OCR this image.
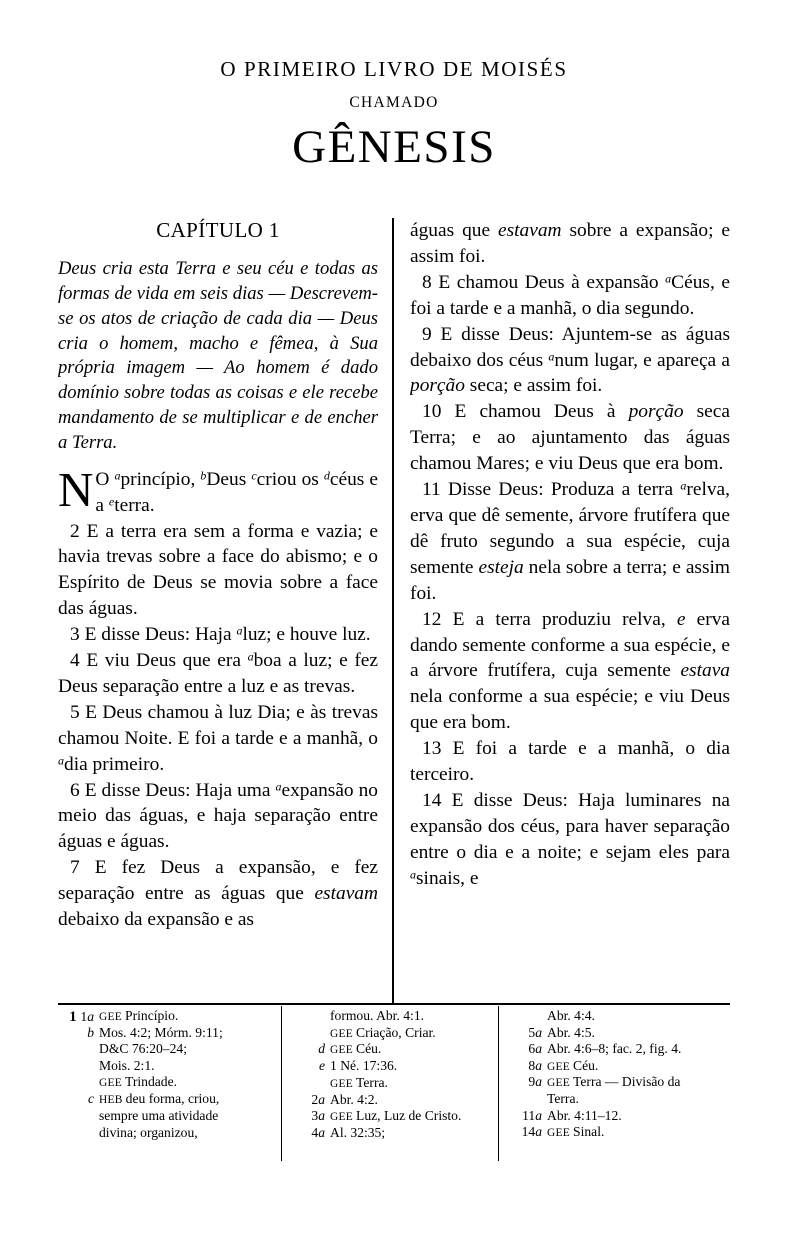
O PRIMEIRO LIVRO DE MOISÉS
CHAMADO
GÊNESIS
CAPÍTULO 1
Deus cria esta Terra e seu céu e todas as formas de vida em seis dias — Descrevem-se os atos de criação de cada dia — Deus cria o homem, macho e fêmea, à Sua própria imagem — Ao homem é dado domínio sobre todas as coisas e ele recebe mandamento de se multiplicar e de encher a Terra.

N O $^a$princípio, $^b$Deus $^c$criou os $^d$céus e a $^e$terra.

2 E a terra era sem a forma e vazia; e havia trevas sobre a face do abismo; e o Espírito de Deus se movia sobre a face das águas.

3 E disse Deus: Haja $^a$luz; e houve luz.

4 E viu Deus que era $^a$boa a luz; e fez Deus separação entre a luz e as trevas.

5 E Deus chamou à luz Dia; e às trevas chamou Noite. E foi a tarde e a manhã, o $^a$dia primeiro.

6 E disse Deus: Haja uma $^a$expansão no meio das águas, e haja separação entre águas e águas.

7 E fez Deus a expansão, e fez separação entre as águas que estavam debaixo da expansão e as

águas que estavam sobre a expansão; e assim foi.

8 E chamou Deus à expansão $^a$Céus, e foi a tarde e a manhã, o dia segundo.

9 E disse Deus: Ajuntem-se as águas debaixo dos céus $^a$num lugar, e apareça a porção seca; e assim foi.

10 E chamou Deus à porção seca Terra; e ao ajuntamento das águas chamou Mares; e viu Deus que era bom.

11 Disse Deus: Produza a terra $^a$relva, erva que dê semente, árvore frutífera que dê fruto segundo a sua espécie, cuja semente esteja nela sobre a terra; e assim foi.

12 E a terra produziu relva, e erva dando semente conforme a sua espécie, e a árvore frutífera, cuja semente estava nela conforme a sua espécie; e viu Deus que era bom.

13 E foi a tarde e a manhã, o dia terceiro.

14 E disse Deus: Haja luminares na expansão dos céus, para haver separação entre o dia e a noite; e sejam eles para $^a$sinais, e

1 1a GEE Princípio.
b Mos. 4:2; Mórm. 9:11;
D&C 76:20–24;
Mois. 2:1.
GEE Trindade.
c HEB deu forma, criou,
sempre uma atividade
divina; organizou,
formou. Abr. 4:1.
GEE Criação, Criar.
d GEE Céu.
e 1 Né. 17:36.
GEE Terra.
2a Abr. 4:2.
3a GEE Luz, Luz de Cristo.
4a Al. 32:35;
Abr. 4:4.
5a Abr. 4:5.
6a Abr. 4:6–8; fac. 2, fig. 4.
8a GEE Céu.
9a GEE Terra — Divisão da
Terra.
11a Abr. 4:11–12.
14a GEE Sinal.
